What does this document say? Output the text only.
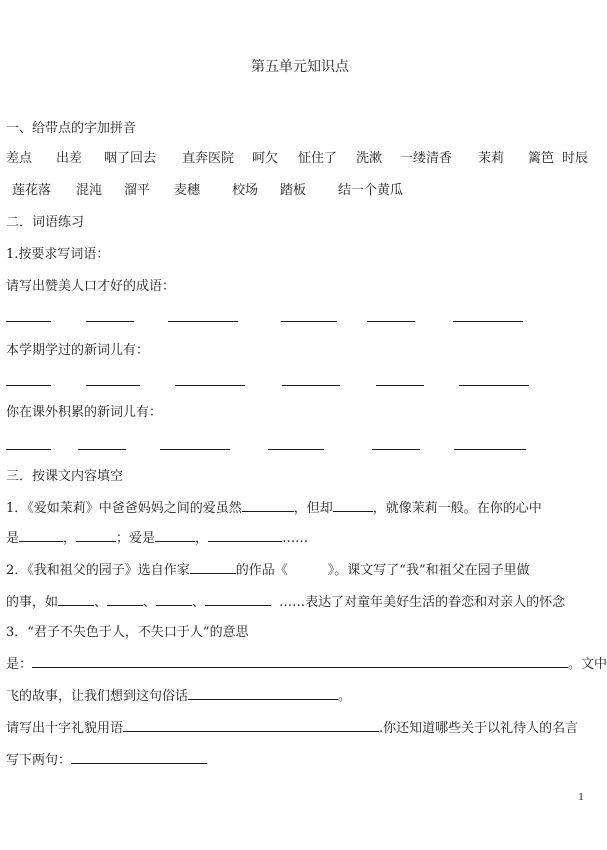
第五单元知识点
一、给带点的字加拼音
差点 出差 咽了回去 直奔医院 呵欠 怔住了 洗漱 一缕清香 茉莉 篱笆 时辰
莲花落 混沌 溜平 麦穗 校场 踏板 结一个黄瓜
二．词语练习
1.按要求写词语：
请写出赞美人口才好的成语：
本学期学过的新词儿有：
你在课外积累的新词儿有：
三．按课文内容填空
1．《爱如茉莉》中爸爸妈妈之间的爱虽然	，但却	，就像茉莉一般。在你的心中
是	，	；爱是	，	……
2．《我和祖父的园子》选自作家	的作品《	》。课文写了“我”和祖父在园子里做
的事，如	、	、	、	……表达了对童年美好生活的眷恋和对亲人的怀念
3．“君子不失色于人，不失口于人”的意思
是：	。文中
飞的故事，让我们想到这句俗话	。
请写出十字礼貌用语	.你还知道哪些关于以礼待人的名言
写下两句：
1
